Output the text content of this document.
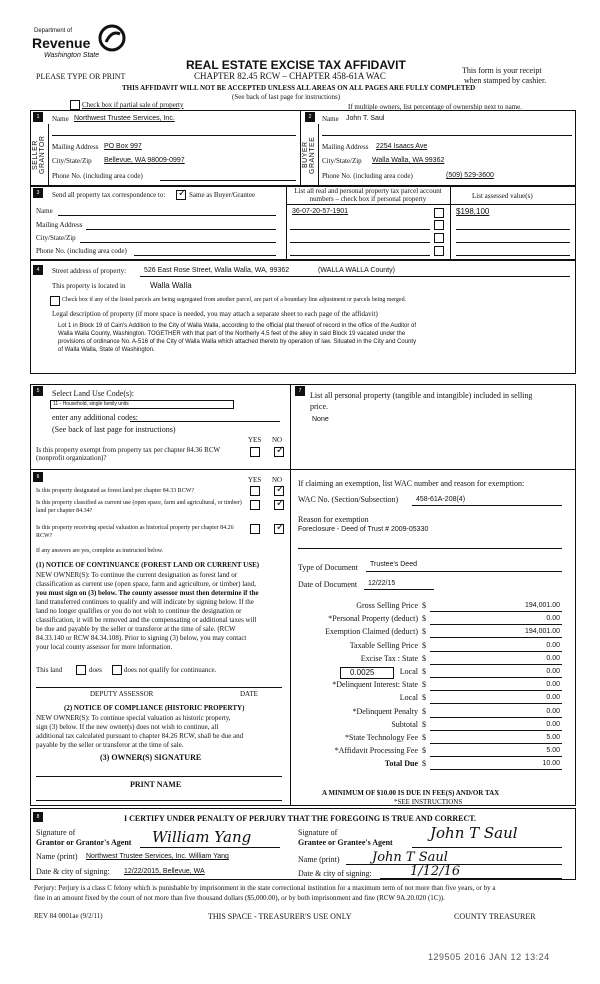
Department of
Revenue
Washington State
REAL ESTATE EXCISE TAX AFFIDAVIT
CHAPTER 82.45 RCW – CHAPTER 458-61A WAC
PLEASE TYPE OR PRINT
This form is your receipt
when stamped by cashier.
THIS AFFIDAVIT WILL NOT BE ACCEPTED UNLESS ALL AREAS ON ALL PAGES ARE FULLY COMPLETED
(See back of last page for instructions)
Check box if partial sale of property	If multiple owners, list percentage of ownership next to name.
1	2
SELLER GRANTOR	BUYER GRANTEE
Name Northwest Trustee Services, Inc.
Mailing Address PO Box 997
City/State/Zip Bellevue, WA 98009-0997
Phone No. (including area code)
Name John T. Saul
Mailing Address 2254 Isaacs Ave
City/State/Zip Walla Walla, WA 99362
Phone No. (including area code)	(509) 529-3600
3	Send all property tax correspondence to:
✓	Same as Buyer/Grantee	List all real and personal property tax parcel account numbers – check box if personal property	List assessed value(s)
Name
Mailing Address
City/State/Zip
Phone No. (including area code)
36-07-20-57-1901	$198,100
4	Street address of property:	526 East Rose Street, Walla Walla, WA, 99362	(WALLA WALLA County)
This property is located in	Walla Walla
Check box if any of the listed parcels are being segregated from another parcel, are part of a boundary line adjustment or parcels being merged.
Legal description of property (if more space is needed, you may attach a separate sheet to each page of the affidavit)
Lot 1 in Block 19 of Cain's Addition to the City of Walla Walla, according to the official plat thereof of record in the office of the Auditor of
Walla Walla County, Washington. TOGETHER with that part of the Northerly 4.5 feet of the alley in said Block 19 vacated under the
provisions of ordinance No. A-516 of the City of Walla Walla which attached thereto by operation of law. Situated in the City and County
of Walla Walla, State of Washington.
5	7
Select Land Use Code(s):
11 - Household, single family units
enter any additional codes:
(See back of last page for instructions)
YES NO
Is this property exempt from property tax per chapter 84.36 RCW (nonprofit organization)?
✓
List all personal property (tangible and intangible) included in selling
price.
None
6	YES NO
Is this property designated as forest land per chapter 84.33 RCW?
✓
Is this property classified as current use (open space, farm and agricultural, or timber) land per chapter 84.34?
✓
Is this property receiving special valuation as historical property per chapter 84.26 RCW?
✓
If any answers are yes, complete as instructed below.
(1) NOTICE OF CONTINUANCE (FOREST LAND OR CURRENT USE)
NEW OWNER(S): To continue the current designation as forest land or
classification as current use (open space, farm and agriculture, or timber) land,
you must sign on (3) below. The county assessor must then determine if the
land transferred continues to qualify and will indicate by signing below. If the
land no longer qualifies or you do not wish to continue the designation or
classification, it will be removed and the compensating or additional taxes will
be due and payable by the seller or transferor at the time of sale. (RCW
84.33.140 or RCW 84.34.108). Prior to signing (3) below, you may contact
your local county assessor for more information.
This land	does	does not qualify for continuance.
DEPUTY ASSESSOR	DATE
(2) NOTICE OF COMPLIANCE (HISTORIC PROPERTY)
NEW OWNER(S): To continue special valuation as historic property,
sign (3) below. If the new owner(s) does not wish to continue, all
additional tax calculated pursuant to chapter 84.26 RCW, shall be due and
payable by the seller or transferor at the time of sale.
(3) OWNER(S) SIGNATURE
PRINT NAME
If claiming an exemption, list WAC number and reason for exemption:
WAC No. (Section/Subsection)	458-61A-208(4)
Reason for exemption
Foreclosure - Deed of Trust # 2009-05330
Type of Document Trustee's Deed
Date of Document 12/22/15
Gross Selling Price $	194,001.00
*Personal Property (deduct) $	0.00
Exemption Claimed (deduct) $	194,001.00
Taxable Selling Price $	0.00
Excise Tax : State $	0.00
Local $	0.00
*Delinquent Interest: State $	0.00
Local $	0.00
*Delinquent Penalty $	0.00
Subtotal $	0.00
*State Technology Fee $	5.00
*Affidavit Processing Fee $	5.00
Total Due $	10.00
0.0025
A MINIMUM OF $10.00 IS DUE IN FEE(S) AND/OR TAX
*SEE INSTRUCTIONS
8	I CERTIFY UNDER PENALTY OF PERJURY THAT THE FOREGOING IS TRUE AND CORRECT.
Signature of
Grantor or Grantor's Agent William Yang
Name (print) Northwest Trustee Services, Inc. William Yang
Date & city of signing: 12/22/2015, Bellevue, WA
Signature of
Grantee or Grantee's Agent
John T Saul
Name (print) John T Saul
Date & city of signing:	1/12/16
Perjury: Perjury is a class C felony which is punishable by imprisonment in the state correctional institution for a maximum term of not more than five years, or by a
fine in an amount fixed by the court of not more than five thousand dollars ($5,000.00), or by both imprisonment and fine (RCW 9A.20.020 (1C)).
REV 84 0001ae (9/2/11)	THIS SPACE - TREASURER'S USE ONLY	COUNTY TREASURER
129505 2016 JAN 12 13:24
